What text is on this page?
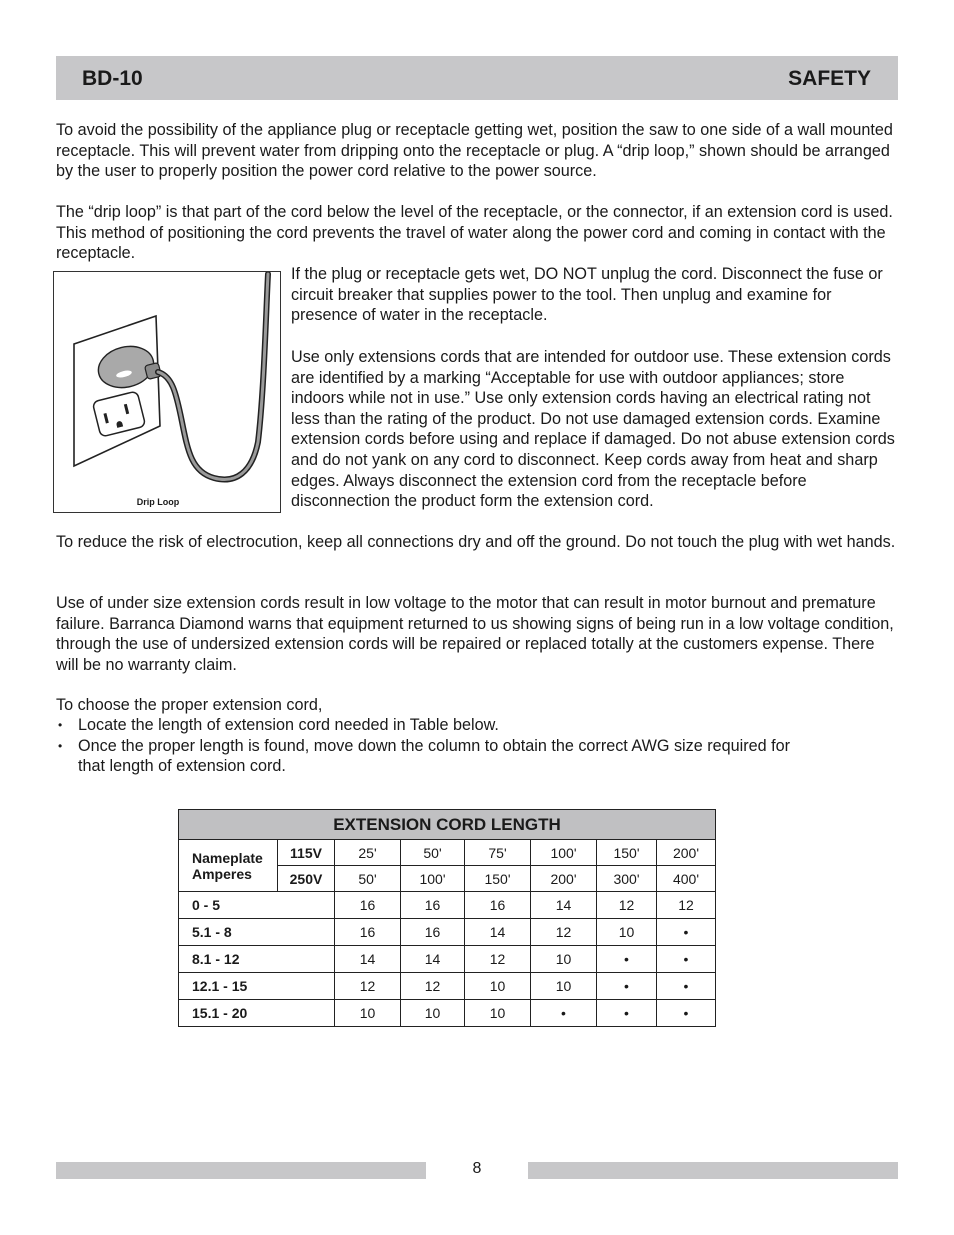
BD-10	SAFETY

To avoid the possibility of the appliance plug or receptacle getting wet, position the saw to one side of a wall mounted receptacle. This will prevent water from dripping onto the receptacle or plug. A “drip loop,” shown should be arranged by the user to properly position the power cord relative to the power source.

The “drip loop” is that part of the cord below the level of the receptacle, or the connector, if an extension cord is used. This method of positioning the cord prevents the travel of water along the power cord and coming in contact with the receptacle.

Drip Loop

If the plug or receptacle gets wet, DO NOT unplug the cord. Disconnect the fuse or circuit breaker that supplies power to the tool. Then unplug and examine for presence of water in the receptacle.

Use only extensions cords that are intended for outdoor use. These extension cords are identified by a marking “Acceptable for use with outdoor appliances; store indoors while not in use.” Use only extension cords having an electrical rating not less than the rating of the product. Do not use damaged extension cords. Examine extension cords before using and replace if damaged. Do not abuse extension cords and do not yank on any cord to disconnect. Keep cords away from heat and sharp edges. Always disconnect the extension cord from the receptacle before disconnection the product form the extension cord.

To reduce the risk of electrocution, keep all connections dry and off the ground. Do not touch the plug with wet hands.

Use of under size extension cords result in low voltage to the motor that can result in motor burnout and premature failure. Barranca Diamond warns that equipment returned to us showing signs of being run in a low voltage condition, through the use of undersized extension cords will be repaired or replaced totally at the customers expense. There will be no warranty claim.

To choose the proper extension cord,

• Locate the length of extension cord needed in Table below.
• Once the proper length is found, move down the column to obtain the correct AWG size required for that length of extension cord.
EXTENSION CORD LENGTH							

Nameplate
Amperes	115V	25'	50'	75'	100'	150'	200'
	250V	50'	100'	150'	200'	300'	400'
0 - 5		16	16	16	14	12	12
5.1 - 8		16	16	14	12	10	•
8.1 - 12		14	14	12	10	•	•
12.1 - 15		12	12	10	10	•	•
15.1 - 20		10	10	10	•	•	•
8
